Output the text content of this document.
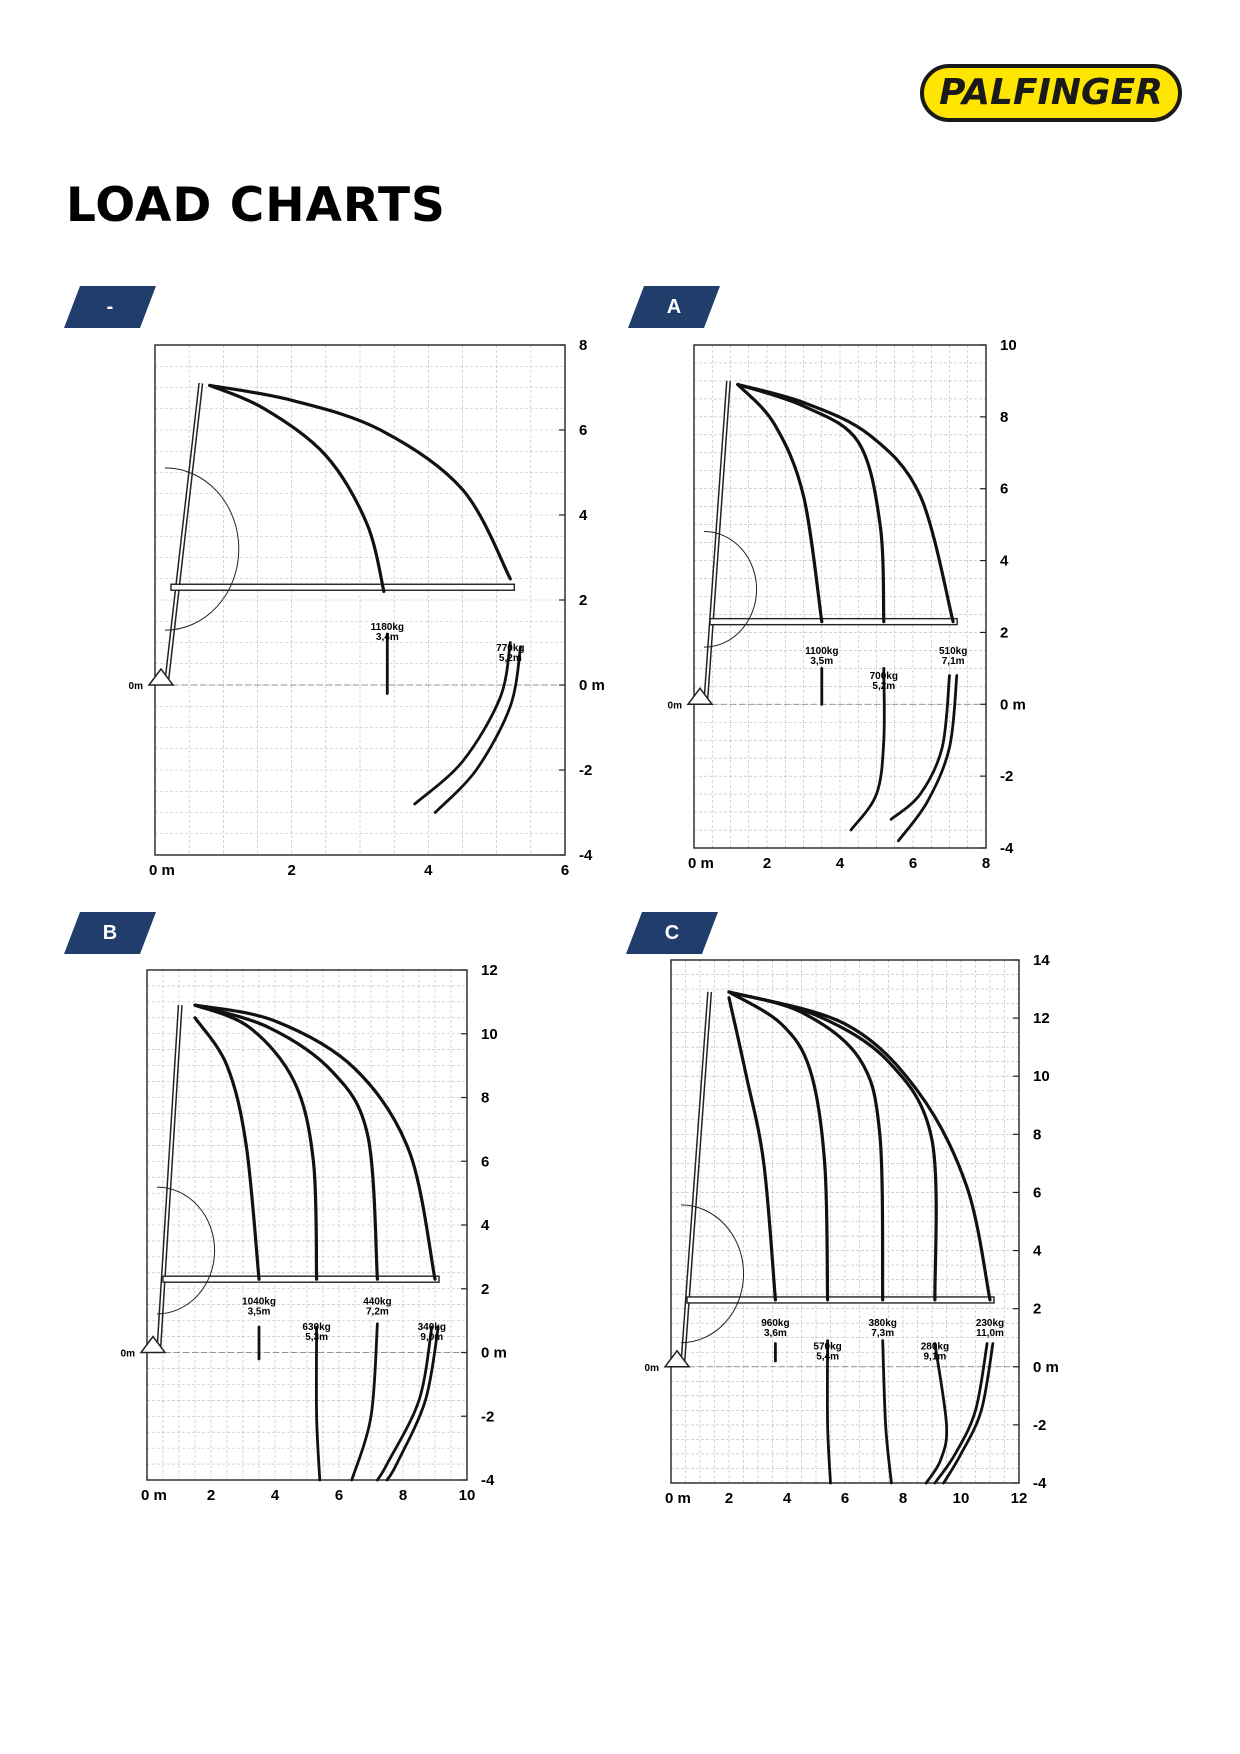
PALFINGER
LOAD CHARTS
-	A
B	C
-4
-2
0 m
2
4
6
8
0 m	2	4	6
0m
1180kg
3,4m
770kg
5,2m
-4
-2
0 m
2
4
6
8
10
0 m	2	4	6	8
0m
1100kg
3,5m
700kg
5,2m
510kg
7,1m
-4
-2
0 m
2
4
6
8
10
12
0 m	2	4	6	8	10
0m
1040kg
3,5m
630kg
5,3m
440kg
7,2m
340kg
9,0m
-4
-2
0 m
2
4
6
8
10
12
14
0 m 2	4	6	8	10	12
0m
960kg
3,6m
570kg
5,4m
380kg
7,3m
280kg
9,1m
230kg
11,0m
